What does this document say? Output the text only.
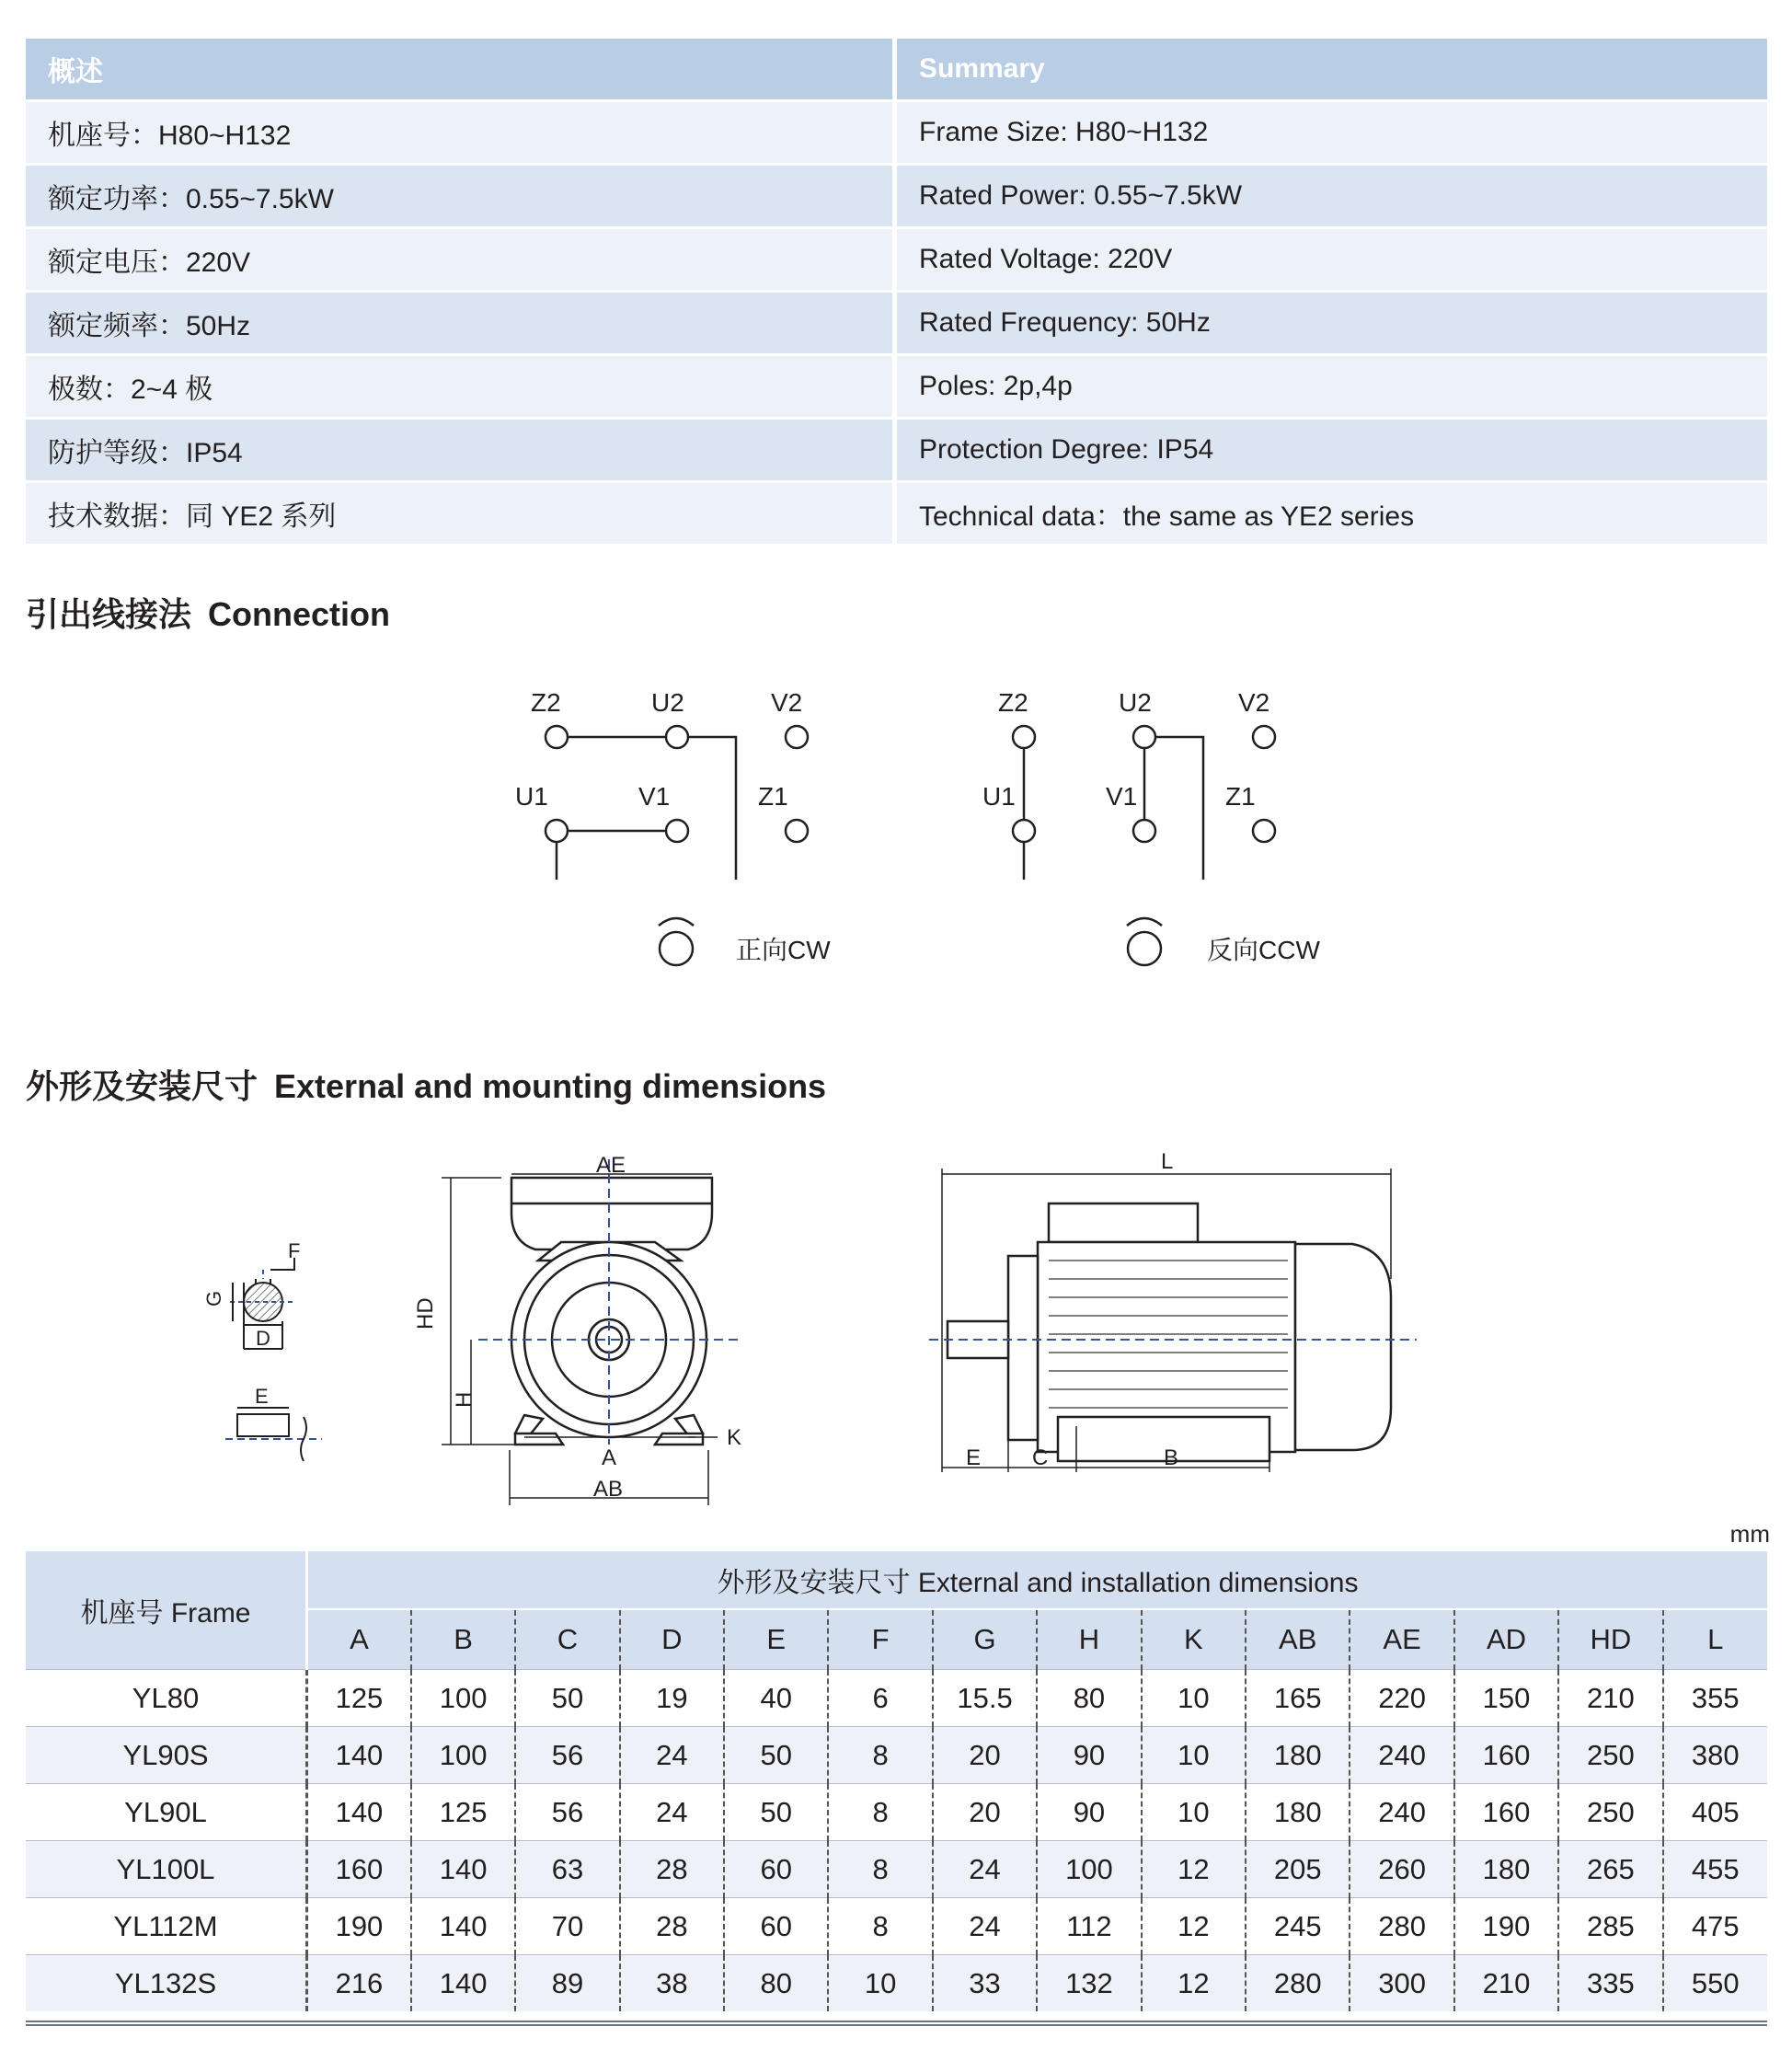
概述	Summary
机座号：H80~H132	Frame Size: H80~H132
额定功率：0.55~7.5kW	Rated Power: 0.55~7.5kW
额定电压：220V	Rated Voltage: 220V
额定频率：50Hz	Rated Frequency: 50Hz
极数：2~4 极	Poles: 2p,4p
防护等级：IP54	Protection Degree: IP54
技术数据：同 YE2 系列	Technical data：the same as YE2 series
引出线接法 Connection
Z2	U2	V2
U1	V1	Z1
Z2	U2	V2
U1	V1	Z1
正向CW	反向CCW
外形及安装尺寸 External and mounting dimensions
F
G
D
E
AE
HD
H
A
AB
K
L
E C	B
mm
机座号 Frame	外形及安装尺寸 External and installation dimensions													
	A	B	C	D	E	F	G	H	K	AB	AE	AD	HD	L
YL80	125	100	50	19	40	6	15.5	80	10	165	220	150	210	355
YL90S	140	100	56	24	50	8	20	90	10	180	240	160	250	380
YL90L	140	125	56	24	50	8	20	90	10	180	240	160	250	405
YL100L	160	140	63	28	60	8	24	100	12	205	260	180	265	455
YL112M	190	140	70	28	60	8	24	112	12	245	280	190	285	475
YL132S	216	140	89	38	80	10	33	132	12	280	300	210	335	550
